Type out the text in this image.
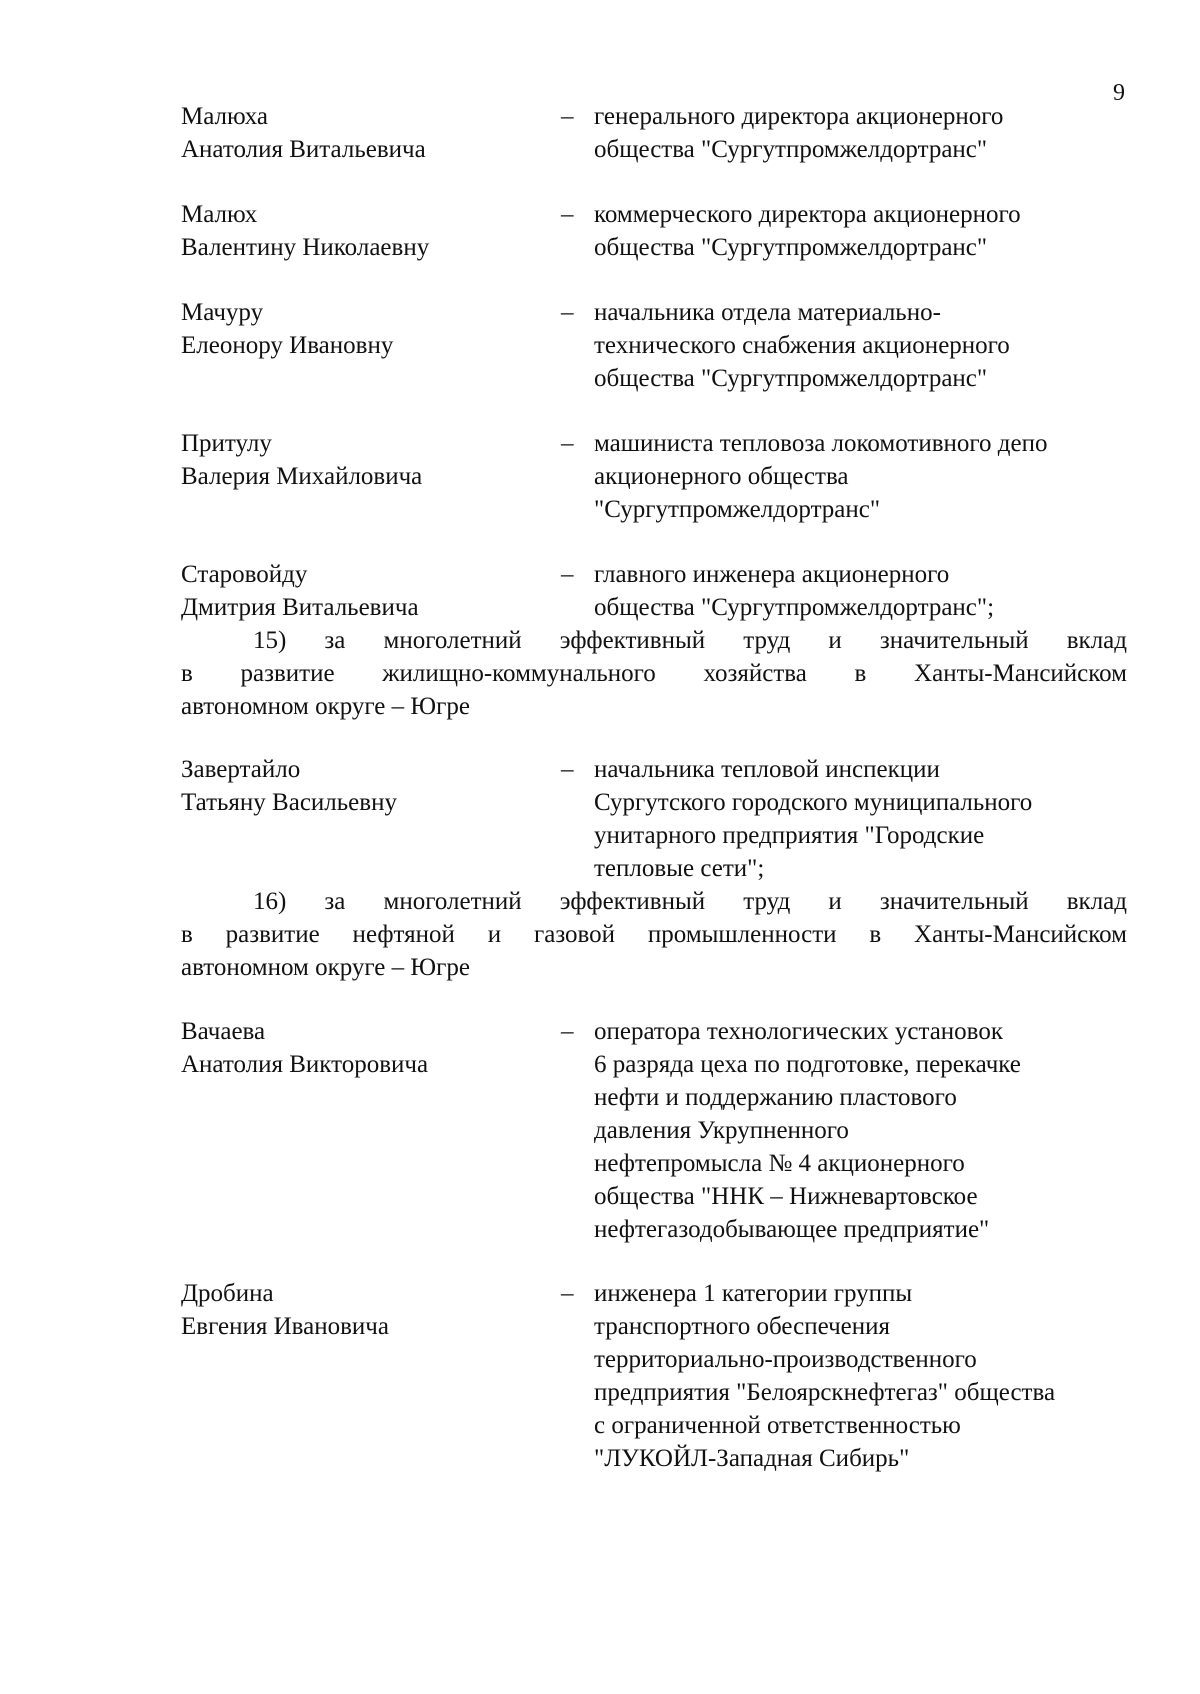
9
Малюха
Анатолия Витальевича
– генерального директора акционерного
общества "Сургутпромжелдортранс"
Малюх
Валентину Николаевну
– коммерческого директора акционерного
общества "Сургутпромжелдортранс"
Мачуру
Елеонору Ивановну
– начальника отдела материально-
технического снабжения акционерного
общества "Сургутпромжелдортранс"
Притулу
Валерия Михайловича
– машиниста тепловоза локомотивного депо
акционерного общества
"Сургутпромжелдортранс"
Старовойду
Дмитрия Витальевича
– главного инженера акционерного
общества "Сургутпромжелдортранс";
15) за многолетний эффективный труд и значительный вклад
в развитие жилищно-коммунального хозяйства в Ханты-Мансийском
автономном округе – Югре
Завертайло
Татьяну Васильевну
– начальника тепловой инспекции
Сургутского городского муниципального
унитарного предприятия "Городские
тепловые сети";
16) за многолетний эффективный труд и значительный вклад
в развитие нефтяной и газовой промышленности в Ханты-Мансийском
автономном округе – Югре
Вачаева
Анатолия Викторовича
– оператора технологических установок
6 разряда цеха по подготовке, перекачке
нефти и поддержанию пластового
давления Укрупненного
нефтепромысла № 4 акционерного
общества "ННК – Нижневартовское
нефтегазодобывающее предприятие"
Дробина
Евгения Ивановича
– инженера 1 категории группы
транспортного обеспечения
территориально-производственного
предприятия "Белоярскнефтегаз" общества
с ограниченной ответственностью
"ЛУКОЙЛ-Западная Сибирь"
